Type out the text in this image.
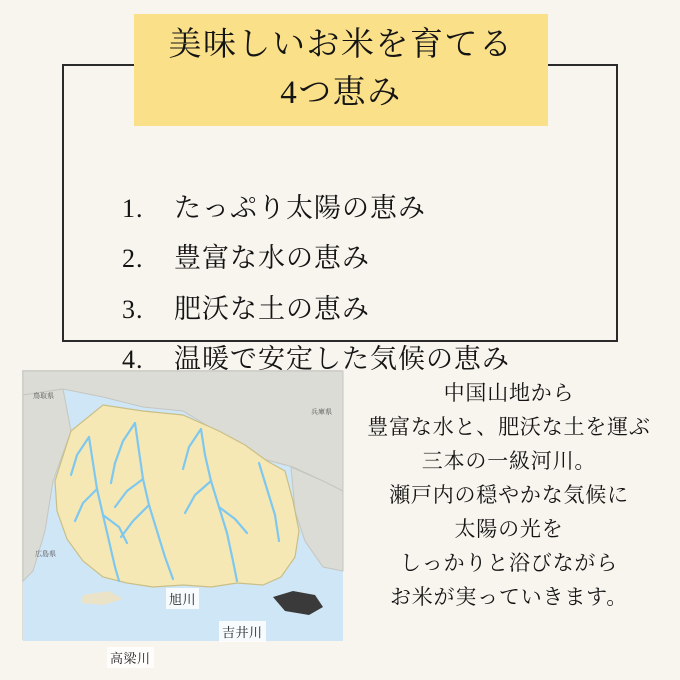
美味しいお米を育てる
4つ恵み
1.	たっぷり太陽の恵み
2.	豊富な水の恵み
3.	肥沃な土の恵み
4.	温暖で安定した気候の恵み
旭川
吉井川
高梁川
鳥取県
兵庫県
広島県

中国山地から

豊富な水と、肥沃な土を運ぶ

三本の一級河川。

瀬戸内の穏やかな気候に

太陽の光を

しっかりと浴びながら

お米が実っていきます。
